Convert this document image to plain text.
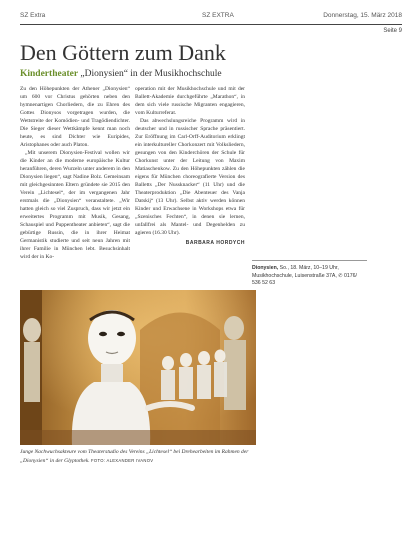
SZ Extra	SZ EXTRA	Donnerstag, 15. März 2018
Seite 9
Den Göttern zum Dank
Kindertheater „Dionysien“ in der Musikhochschule

Zu den Höhepunkten der Athener „Dionysien“ um 600 vor Christus gehörten neben den hymnenartigen Chorliedern, die zu Ehren des Gottes Dionysos vorgetragen wurden, die Wettstreite der Komödien- und Tragödiendichter. Die Sieger dieser Wettkämpfe kennt man noch heute, es sind Dichter wie Euripides, Aristophanes oder auch Platon.

„Mit unserem Dionysien-Festival wollen wir die Kinder an die moderne europäische Kultur heranführen, deren Wurzeln unter anderem in den Dionysien liegen“, sagt Nadine Bolz. Gemeinsam mit gleichgesinnten Eltern gründete sie 2015 den Verein „Lichtesel“, der im vergangenen Jahr erstmals die „Dionysien“ veranstaltete. „Wir hatten gleich so viel Zuspruch, dass wir jetzt ein erweitertes Programm mit Musik, Gesang, Schauspiel und Puppentheater anbieten“, sagt die gebürtige Russin, die in ihrer Heimat Germanistik studierte und seit neun Jahren mit ihrer Familie in München lebt. Besuchsinhalt wird der in Ko-

operation mit der Musikhochschule und mit der Ballett-Akademie durchgeführte „Marathon“, in dem sich viele russische Migranten engagieren, vom Kulturreferat.

Das abwechslungsreiche Programm wird in deutscher und in russischer Sprache präsentiert. Zur Eröffnung im Carl-Orff-Auditorium erklingt ein interkultureller Chorkonzert mit Volksliedern, gesungen von den Kinderchören der Schule für Chorkunst unter der Leitung von Maxim Matiaschenkow. Zu den Höhepunkten zählen die eigens für München choreografierte Version des Balletts „Der Nussknacker“ (11 Uhr) und die Theaterproduktion „Die Abenteuer des Vanja Datskij“ (13 Uhr). Selbst aktiv werden können Kinder und Erwachsene in Workshops etwa für „Szenisches Fechten“, in denen sie lernen, unfallfrei als Mantel- und Degenhelden zu agieren (16.30 Uhr).

BARBARA HORDYCH
Dionysien, So., 18. März, 10–19 Uhr, Musikhochschule, Luisenstraße 37A, ✆ 0176/ 536 52 63
Junge Nachwuchsakteure vom Theaterstudio des Vereins „Lichtesel“ bei Drehearbeiten im Rahmen der „Dionysien“ in der Glyptothek. FOTO: ALEXANDER IVANOV
